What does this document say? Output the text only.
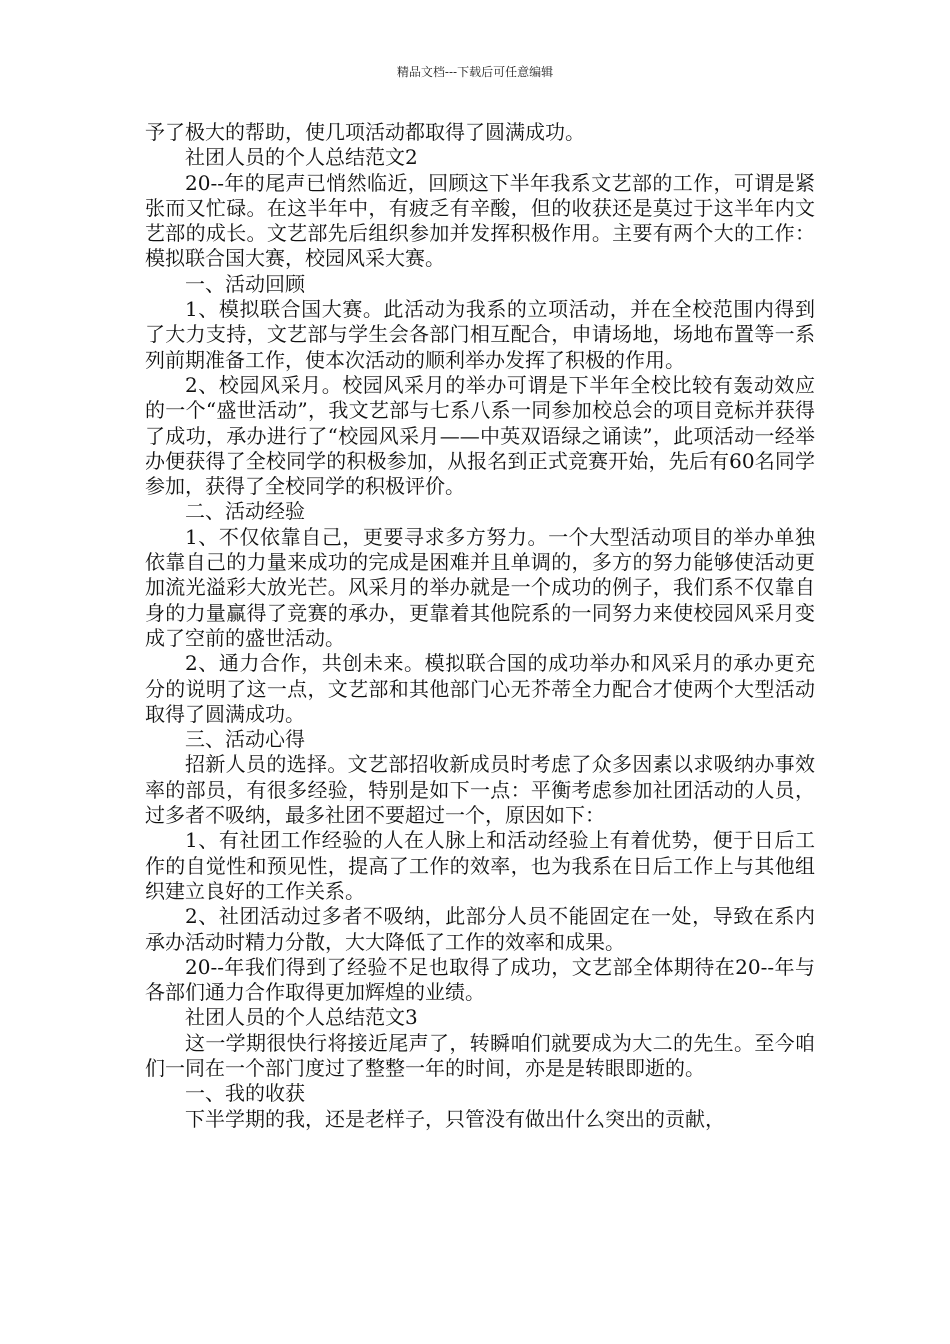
精品文档---下载后可任意编辑

予了极大的帮助，使几项活动都取得了圆满成功。

社团人员的个人总结范文2

20--年的尾声已悄然临近，回顾这下半年我系文艺部的工作，可谓是紧张而又忙碌。在这半年中，有疲乏有辛酸，但的收获还是莫过于这半年内文艺部的成长。文艺部先后组织参加并发挥积极作用。主要有两个大的工作：模拟联合国大赛，校园风采大赛。

一、活动回顾

1、模拟联合国大赛。此活动为我系的立项活动，并在全校范围内得到了大力支持，文艺部与学生会各部门相互配合，申请场地，场地布置等一系列前期准备工作，使本次活动的顺利举办发挥了积极的作用。

2、校园风采月。校园风采月的举办可谓是下半年全校比较有轰动效应的一个“盛世活动”，我文艺部与七系八系一同参加校总会的项目竞标并获得了成功，承办进行了“校园风采月——中英双语绿之诵读”，此项活动一经举办便获得了全校同学的积极参加，从报名到正式竞赛开始，先后有60名同学参加，获得了全校同学的积极评价。

二、活动经验

1、不仅依靠自己，更要寻求多方努力。一个大型活动项目的举办单独依靠自己的力量来成功的完成是困难并且单调的，多方的努力能够使活动更加流光溢彩大放光芒。风采月的举办就是一个成功的例子，我们系不仅靠自身的力量赢得了竞赛的承办，更靠着其他院系的一同努力来使校园风采月变成了空前的盛世活动。

2、通力合作，共创未来。模拟联合国的成功举办和风采月的承办更充分的说明了这一点，文艺部和其他部门心无芥蒂全力配合才使两个大型活动取得了圆满成功。

三、活动心得

招新人员的选择。文艺部招收新成员时考虑了众多因素以求吸纳办事效率的部员，有很多经验，特别是如下一点：平衡考虑参加社团活动的人员，过多者不吸纳，最多社团不要超过一个，原因如下：

1、有社团工作经验的人在人脉上和活动经验上有着优势，便于日后工作的自觉性和预见性，提高了工作的效率，也为我系在日后工作上与其他组织建立良好的工作关系。

2、社团活动过多者不吸纳，此部分人员不能固定在一处，导致在系内承办活动时精力分散，大大降低了工作的效率和成果。

20--年我们得到了经验不足也取得了成功，文艺部全体期待在20--年与各部们通力合作取得更加辉煌的业绩。

社团人员的个人总结范文3

这一学期很快行将接近尾声了，转瞬咱们就要成为大二的先生。至今咱们一同在一个部门度过了整整一年的时间，亦是是转眼即逝的。

一、我的收获

下半学期的我，还是老样子，只管没有做出什么突出的贡献，
